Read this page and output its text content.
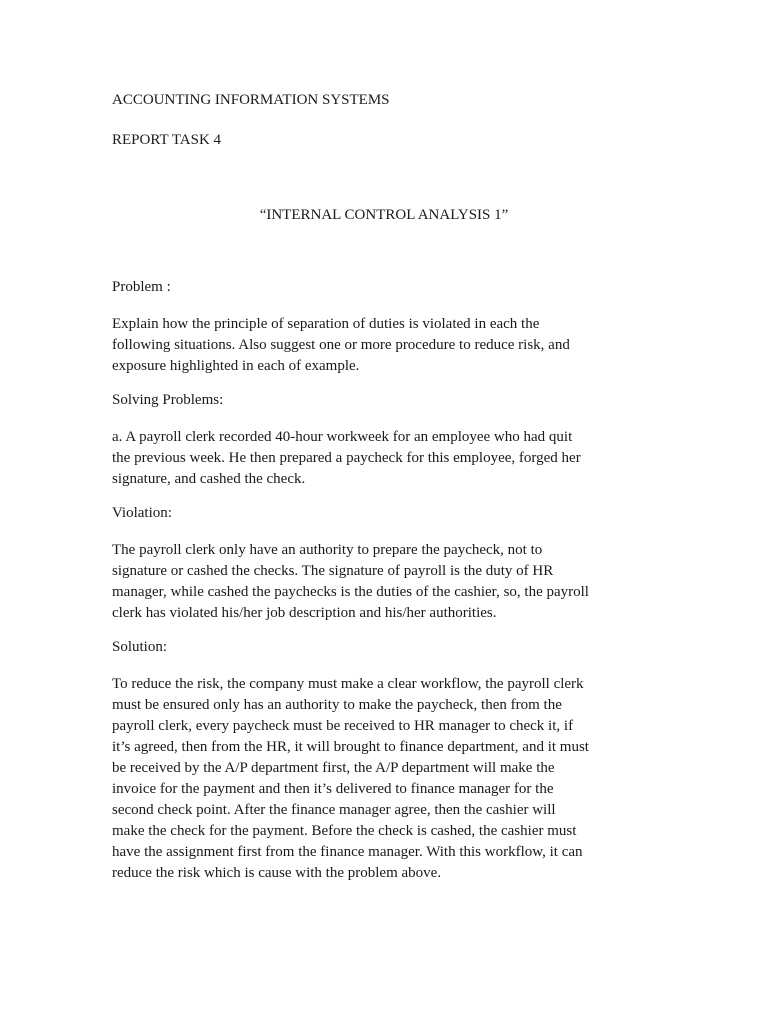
ACCOUNTING INFORMATION SYSTEMS

REPORT TASK 4

“INTERNAL CONTROL ANALYSIS 1”

Problem :

Explain how the principle of separation of duties is violated in each the
following situations. Also suggest one or more procedure to reduce risk, and
exposure highlighted in each of example.

Solving Problems:

a. A payroll clerk recorded 40-hour workweek for an employee who had quit
the previous week. He then prepared a paycheck for this employee, forged her
signature, and cashed the check.

Violation:

The payroll clerk only have an authority to prepare the paycheck, not to
signature or cashed the checks. The signature of payroll is the duty of HR
manager, while cashed the paychecks is the duties of the cashier, so, the payroll
clerk has violated his/her job description and his/her authorities.

Solution:

To reduce the risk, the company must make a clear workflow, the payroll clerk
must be ensured only has an authority to make the paycheck, then from the
payroll clerk, every paycheck must be received to HR manager to check it, if
it’s agreed, then from the HR, it will brought to finance department, and it must
be received by the A/P department first, the A/P department will make the
invoice for the payment and then it’s delivered to finance manager for the
second check point. After the finance manager agree, then the cashier will
make the check for the payment. Before the check is cashed, the cashier must
have the assignment first from the finance manager. With this workflow, it can
reduce the risk which is cause with the problem above.
